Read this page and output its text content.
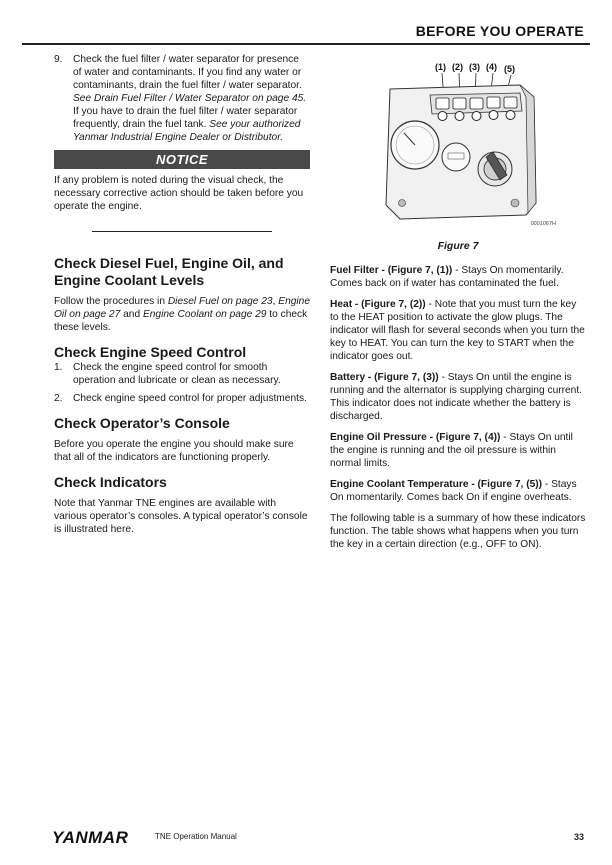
BEFORE YOU OPERATE
9. Check the fuel filter / water separator for presence of water and contaminants. If you find any water or contaminants, drain the fuel filter / water separator. See Drain Fuel Filter / Water Separator on page 45. If you have to drain the fuel filter / water separator frequently, drain the fuel tank. See your authorized Yanmar Industrial Engine Dealer or Distributor.
NOTICE

If any problem is noted during the visual check, the necessary corrective action should be taken before you operate the engine.

Check Diesel Fuel, Engine Oil, and Engine Coolant Levels

Follow the procedures in Diesel Fuel on page 23, Engine Oil on page 27 and Engine Coolant on page 29 to check these levels.

Check Engine Speed Control
1. Check the engine speed control for smooth operation and lubricate or clean as necessary.
2. Check engine speed control for proper adjustments.
Check Operator’s Console

Before you operate the engine you should make sure that all of the indicators are functioning properly.

Check Indicators

Note that Yanmar TNE engines are available with various operator’s consoles. A typical operator’s console is illustrated here.

(1) (2) (3) (4) (5)
0001067H
Figure 7

Fuel Filter - (Figure 7, (1)) - Stays On momentarily. Comes back on if water has contaminated the fuel.

Heat - (Figure 7, (2)) - Note that you must turn the key to the HEAT position to activate the glow plugs. The indicator will flash for several seconds when you turn the key to HEAT. You can turn the key to START when the indicator goes out.

Battery - (Figure 7, (3)) - Stays On until the engine is running and the alternator is supplying charging current. This indicator does not indicate whether the battery is discharged.

Engine Oil Pressure - (Figure 7, (4)) - Stays On until the engine is running and the oil pressure is within normal limits.

Engine Coolant Temperature - (Figure 7, (5)) - Stays On momentarily. Comes back On if engine overheats.

The following table is a summary of how these indicators function. The table shows what happens when you turn the key in a certain direction (e.g., OFF to ON).

YANMAR	TNE Operation Manual	33
